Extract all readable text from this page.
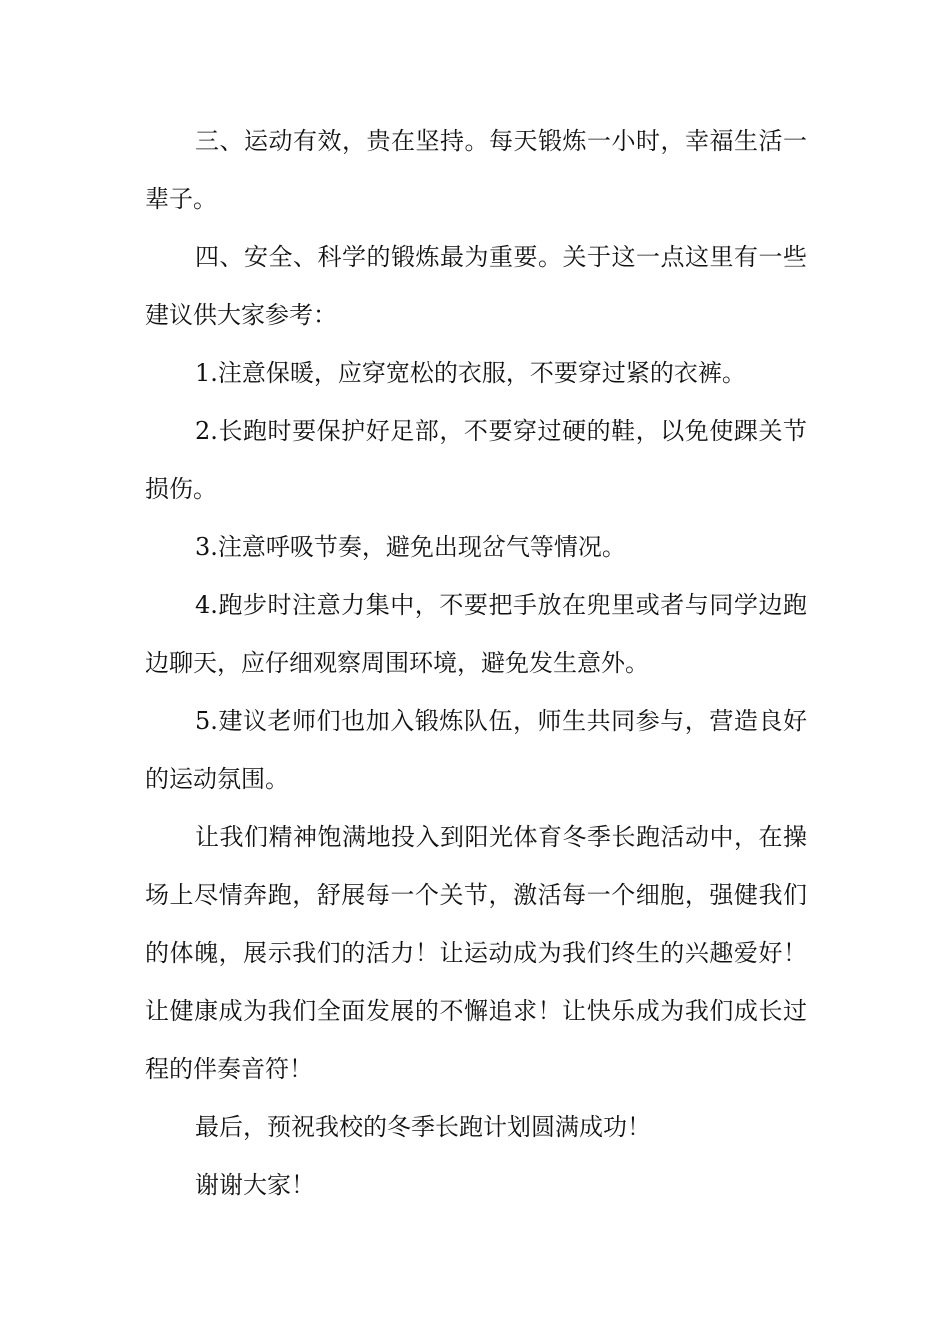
三、运动有效，贵在坚持。每天锻炼一小时，幸福生活一辈子。

四、安全、科学的锻炼最为重要。关于这一点这里有一些建议供大家参考：

1.注意保暖，应穿宽松的衣服，不要穿过紧的衣裤。

2.长跑时要保护好足部，不要穿过硬的鞋，以免使踝关节损伤。

3.注意呼吸节奏，避免出现岔气等情况。

4.跑步时注意力集中，不要把手放在兜里或者与同学边跑边聊天，应仔细观察周围环境，避免发生意外。

5.建议老师们也加入锻炼队伍，师生共同参与，营造良好的运动氛围。

让我们精神饱满地投入到阳光体育冬季长跑活动中，在操场上尽情奔跑，舒展每一个关节，激活每一个细胞，强健我们的体魄，展示我们的活力！让运动成为我们终生的兴趣爱好！让健康成为我们全面发展的不懈追求！让快乐成为我们成长过程的伴奏音符！

最后，预祝我校的冬季长跑计划圆满成功！

谢谢大家！
